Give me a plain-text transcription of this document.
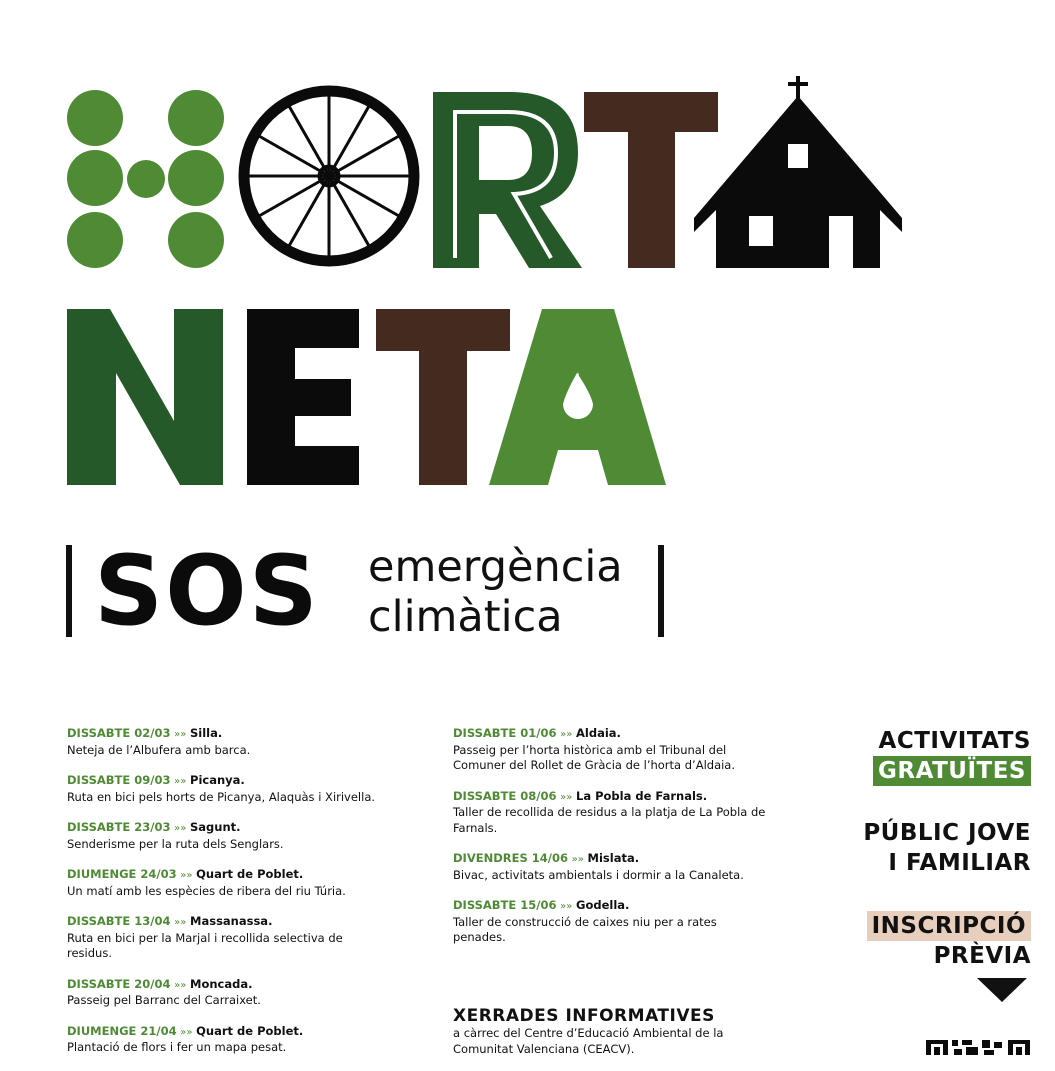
SOS emergència
climàtica
DISSABTE 02/03 »» Silla.
Neteja de l’Albufera amb barca.
DISSABTE 09/03 »» Picanya.
Ruta en bici pels horts de Picanya, Alaquàs i Xirivella.
DISSABTE 23/03 »» Sagunt.
Senderisme per la ruta dels Senglars.
DIUMENGE 24/03 »» Quart de Poblet.
Un matí amb les espècies de ribera del riu Túria.
DISSABTE 13/04 »» Massanassa.
Ruta en bici per la Marjal i recollida selectiva de residus.
DISSABTE 20/04 »» Moncada.
Passeig pel Barranc del Carraixet.
DIUMENGE 21/04 »» Quart de Poblet.
Plantació de flors i fer un mapa pesat.
DISSABTE 01/06 »» Aldaia.
Passeig per l’horta històrica amb el Tribunal del Comuner del Rollet de Gràcia de l’horta d’Aldaia.
DISSABTE 08/06 »» La Pobla de Farnals.
Taller de recollida de residus a la platja de La Pobla de Farnals.
DIVENDRES 14/06 »» Mislata.
Bivac, activitats ambientals i dormir a la Canaleta.
DISSABTE 15/06 »» Godella.
Taller de construcció de caixes niu per a rates penades.
XERRADES INFORMATIVES
a càrrec del Centre d’Educació Ambiental de la Comunitat Valenciana (CEACV).
ACTIVITATS
GRATUÏTES
PÚBLIC JOVE
I FAMILIAR
INSCRIPCIÓ
PRÈVIA
